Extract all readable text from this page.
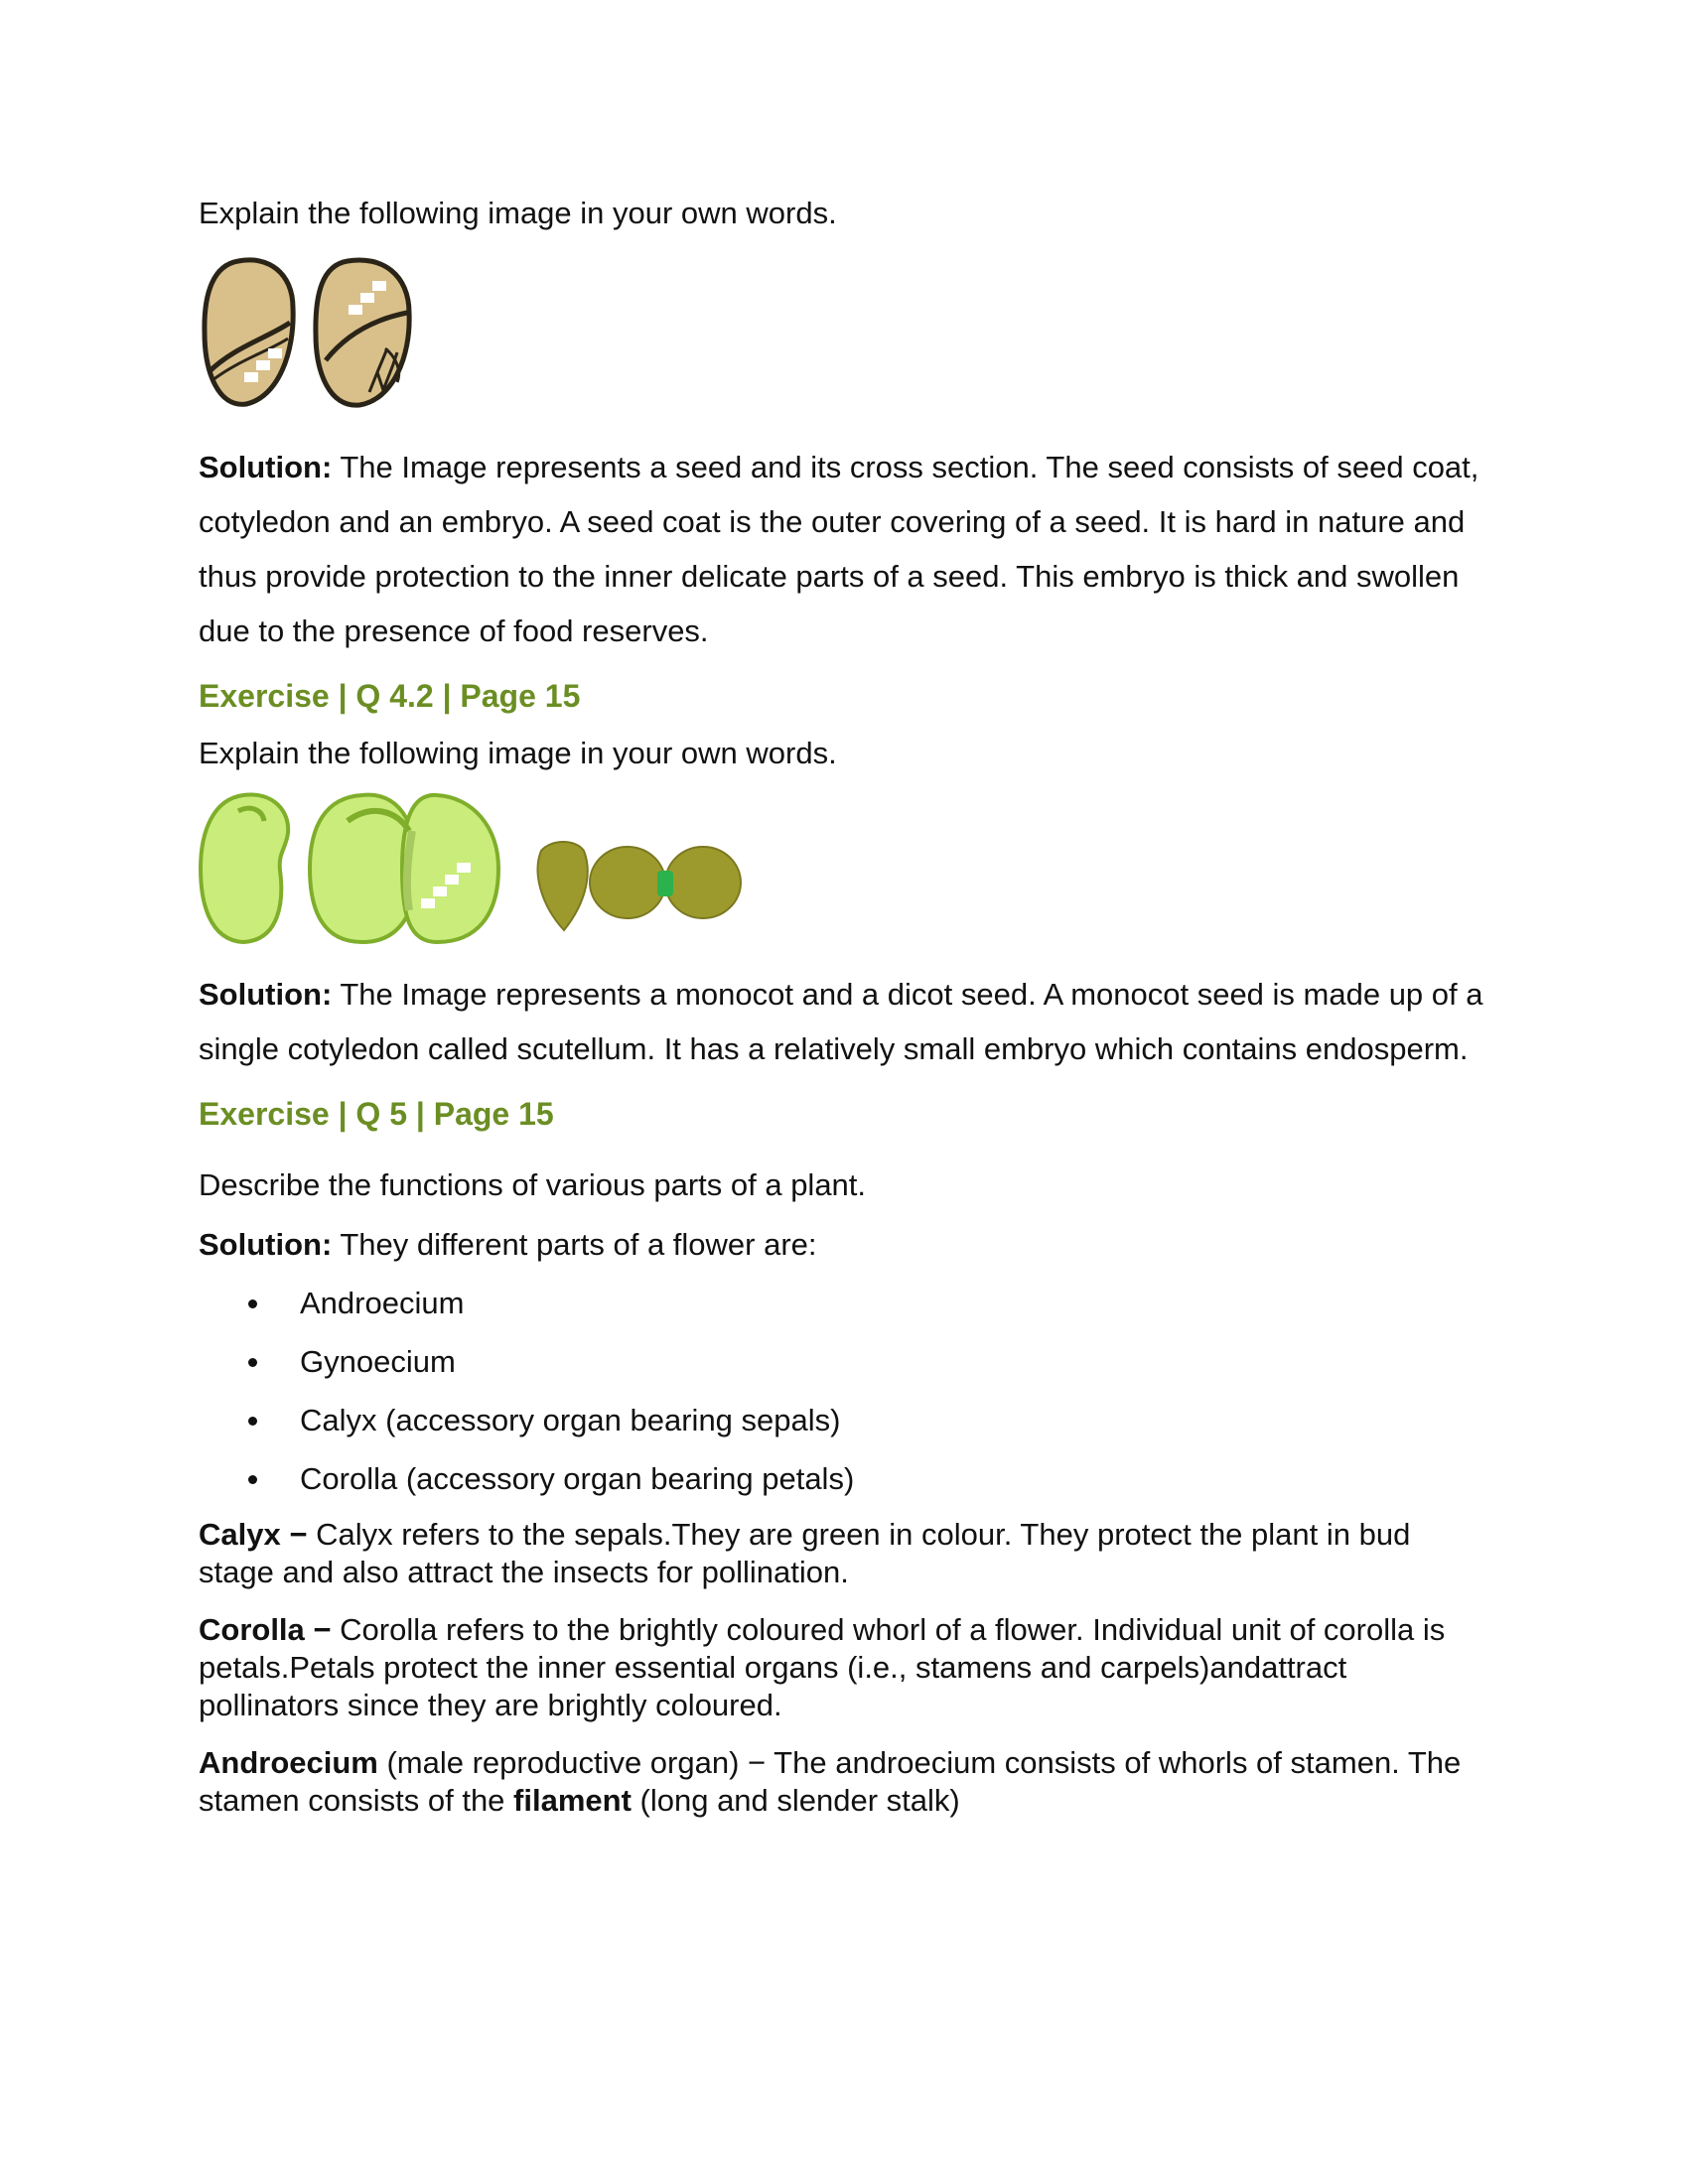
Explain the following image in your own words.

Solution: The Image represents a seed and its cross section. The seed consists of seed coat, cotyledon and an embryo. A seed coat is the outer covering of a seed. It is hard in nature and thus provide protection to the inner delicate parts of a seed. This embryo is thick and swollen due to the presence of food reserves.

Exercise | Q 4.2 | Page 15

Explain the following image in your own words.

Solution: The Image represents a monocot and a dicot seed. A monocot seed is made up of a single cotyledon called scutellum. It has a relatively small embryo which contains endosperm.

Exercise | Q 5 | Page 15

Describe the functions of various parts of a plant.

Solution: They different parts of a flower are:

Androecium
Gynoecium
Calyx (accessory organ bearing sepals)
Corolla (accessory organ bearing petals)

Calyx − Calyx refers to the sepals.They are green in colour. They protect the plant in bud stage and also attract the insects for pollination.

Corolla − Corolla refers to the brightly coloured whorl of a flower. Individual unit of corolla is petals.Petals protect the inner essential organs (i.e., stamens and carpels)andattract pollinators since they are brightly coloured.

Androecium (male reproductive organ) − The androecium consists of whorls of stamen. The stamen consists of the filament (long and slender stalk)
